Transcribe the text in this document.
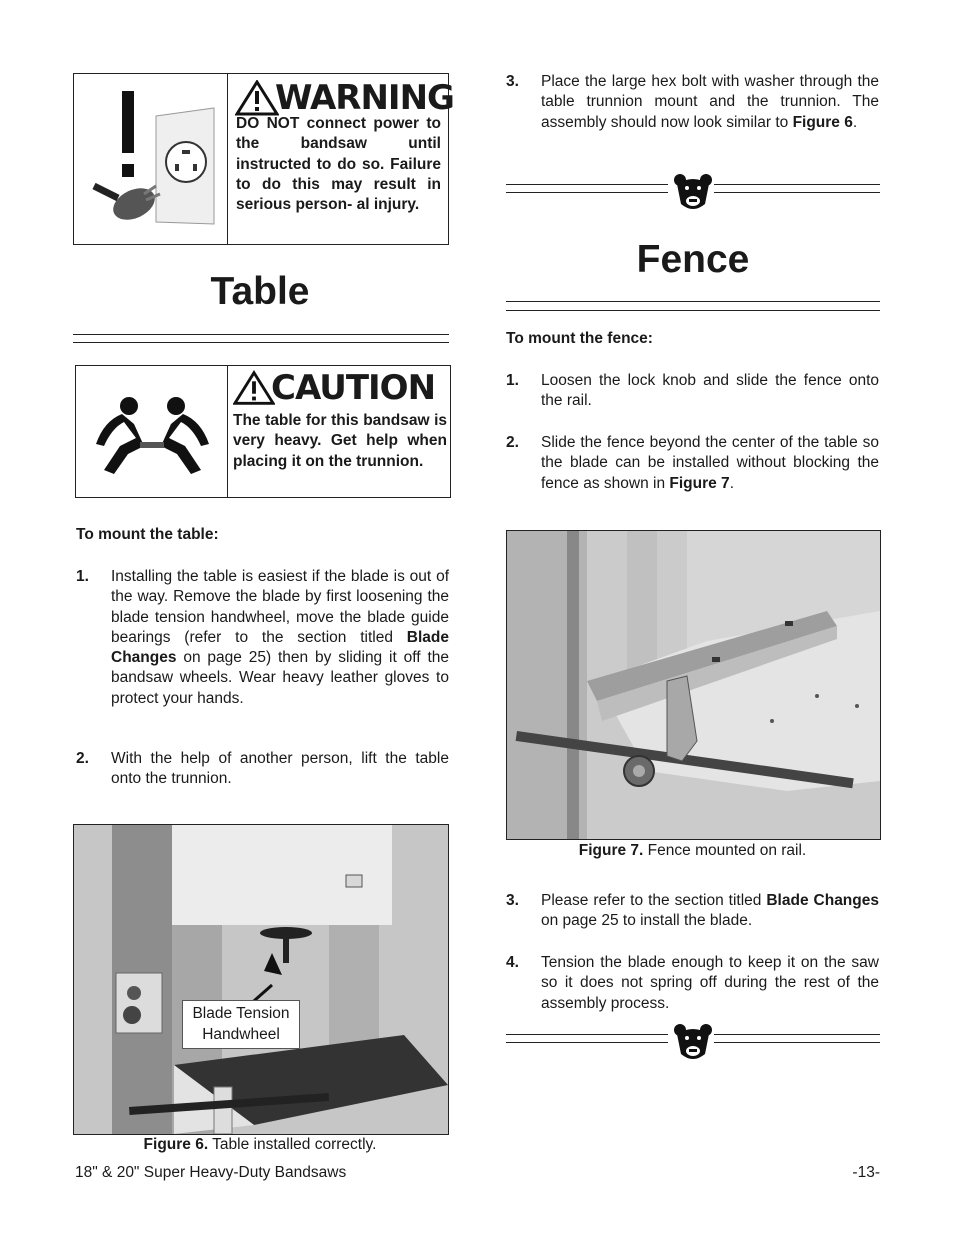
WARNING
DO NOT connect power to the bandsaw until instructed to do so. Failure to do this may result in serious person- al injury.
Table
CAUTION
The table for this bandsaw is very heavy. Get help when placing it on the trunnion.
To mount the table:
1. Installing the table is easiest if the blade is out of the way. Remove the blade by first loosening the blade tension handwheel, move the blade guide bearings (refer to the section titled Blade Changes on page 25) then by sliding it off the bandsaw wheels. Wear heavy leather gloves to protect your hands.
2. With the help of another person, lift the table onto the trunnion.
Blade Tension Handwheel
Figure 6. Table installed correctly.
3. Place the large hex bolt with washer through the table trunnion mount and the trunnion. The assembly should now look similar to Figure 6.
Fence
To mount the fence:
1. Loosen the lock knob and slide the fence onto the rail.
2. Slide the fence beyond the center of the table so the blade can be installed without blocking the fence as shown in Figure 7.
Figure 7. Fence mounted on rail.
3. Please refer to the section titled Blade Changes on page 25 to install the blade.
4. Tension the blade enough to keep it on the saw so it does not spring off during the rest of the assembly process.
18" & 20" Super Heavy-Duty Bandsaws	-13-
